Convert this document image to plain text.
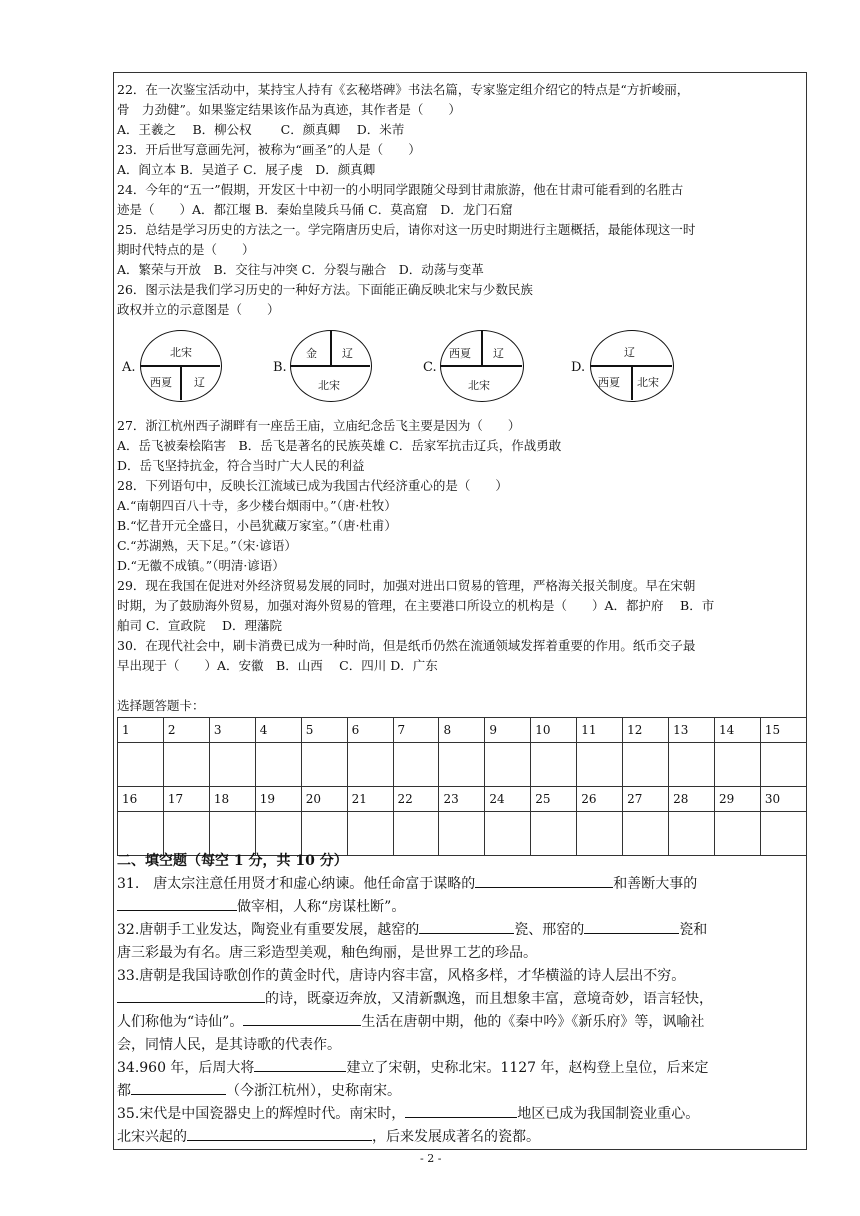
22．在一次鉴宝活动中，某持宝人持有《玄秘塔碑》书法名篇，专家鉴定组介绍它的特点是“方折峻丽，
骨　力劲健”。如果鉴定结果该作品为真迹，其作者是（　　）
A．王羲之　 B．柳公权　　 C．颜真卿　 D．米芾
23．开后世写意画先河，被称为“画圣”的人是（　　）
A．阎立本 B．吴道子 C．展子虔　D．颜真卿
24．今年的“五一”假期，开发区十中初一的小明同学跟随父母到甘肃旅游，他在甘肃可能看到的名胜古
迹是（　　）A．都江堰 B．秦始皇陵兵马俑 C．莫高窟　D．龙门石窟
25．总结是学习历史的方法之一。学完隋唐历史后，请你对这一历史时期进行主题概括，最能体现这一时
期时代特点的是（　　）
A．繁荣与开放　B．交往与冲突 C．分裂与融合　D．动荡与变革
26．图示法是我们学习历史的一种好方法。下面能正确反映北宋与少数民族
政权并立的示意图是（　　）
A.
北宋
西夏 辽
B.
金 辽
北宋
C.
西夏 辽
北宋
D.
辽
西夏 北宋
27．浙江杭州西子湖畔有一座岳王庙，立庙纪念岳飞主要是因为（　　）
A．岳飞被秦桧陷害　B．岳飞是著名的民族英雄 C．岳家军抗击辽兵，作战勇敢
D．岳飞坚持抗金，符合当时广大人民的利益
28．下列语句中，反映长江流域已成为我国古代经济重心的是（　　）
A.“南朝四百八十寺，多少楼台烟雨中。”（唐·杜牧）
B.“忆昔开元全盛日，小邑犹藏万家室。”（唐·杜甫）
C.“苏湖熟，天下足。”（宋·谚语）
D.“无徽不成镇。”（明清·谚语）
29．现在我国在促进对外经济贸易发展的同时，加强对进出口贸易的管理，严格海关报关制度。早在宋朝
时期，为了鼓励海外贸易，加强对海外贸易的管理，在主要港口所设立的机构是（　　）A．都护府　 B．市
舶司 C．宣政院　 D．理藩院
30．在现代社会中，刷卡消费已成为一种时尚，但是纸币仍然在流通领域发挥着重要的作用。纸币交子最
早出现于（　　）A．安徽　B．山西　 C．四川 D．广东
选择题答题卡：
1	2	3	4	5	6	7	8	9	10	11	12	13	14	15

16	17	18	19	20	21	22	23	24	25	26	27	28	29	30

二、填空题（每空 1 分，共 10 分）
31.　唐太宗注意任用贤才和虚心纳谏。他任命富于谋略的	和善断大事的
做宰相，人称“房谋杜断”。
32.唐朝手工业发达，陶瓷业有重要发展，越窑的	瓷、邢窑的	瓷和
唐三彩最为有名。唐三彩造型美观，釉色绚丽，是世界工艺的珍品。
33.唐朝是我国诗歌创作的黄金时代，唐诗内容丰富，风格多样，才华横溢的诗人层出不穷。
的诗，既豪迈奔放，又清新飘逸，而且想象丰富，意境奇妙，语言轻快，
人们称他为“诗仙”。	生活在唐朝中期，他的《秦中吟》《新乐府》等，讽喻社
会，同情人民，是其诗歌的代表作。
34.960 年，后周大将	建立了宋朝，史称北宋。1127 年，赵构登上皇位，后来定
都	（今浙江杭州），史称南宋。
35.宋代是中国瓷器史上的辉煌时代。南宋时，	地区已成为我国制瓷业重心。
北宋兴起的	，后来发展成著名的瓷都。
- 2 -
